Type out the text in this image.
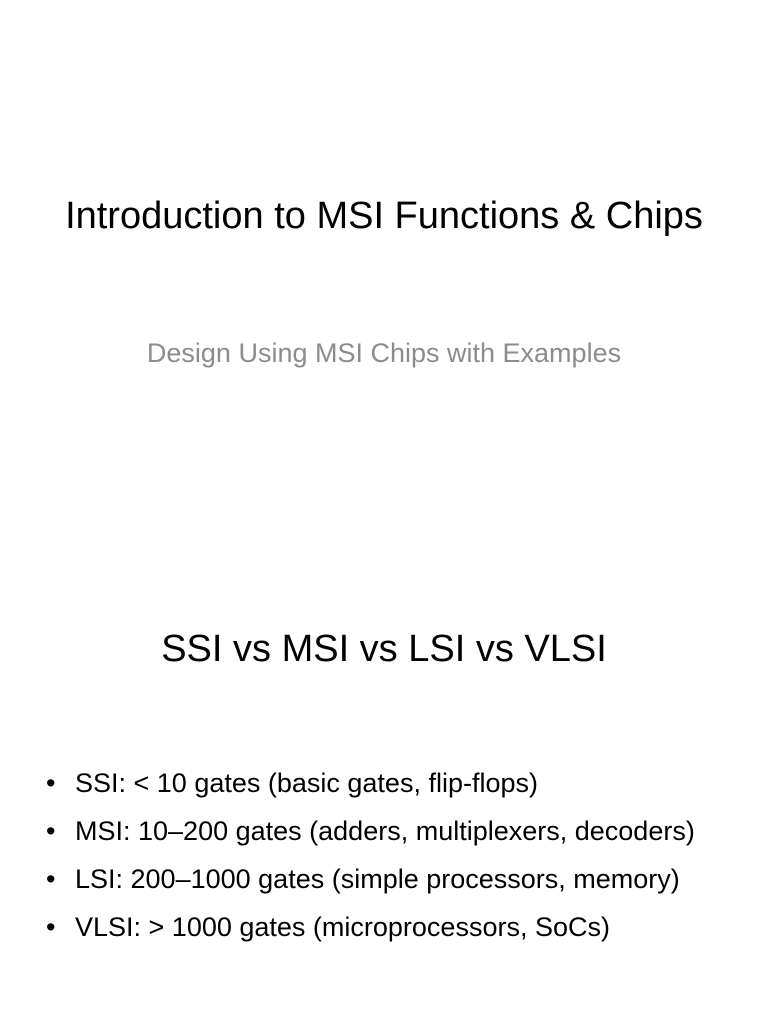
Introduction to MSI Functions & Chips

Design Using MSI Chips with Examples

SSI vs MSI vs LSI vs VLSI
• SSI: < 10 gates (basic gates, flip-flops)
• MSI: 10–200 gates (adders, multiplexers, decoders)
• LSI: 200–1000 gates (simple processors, memory)
• VLSI: > 1000 gates (microprocessors, SoCs)
